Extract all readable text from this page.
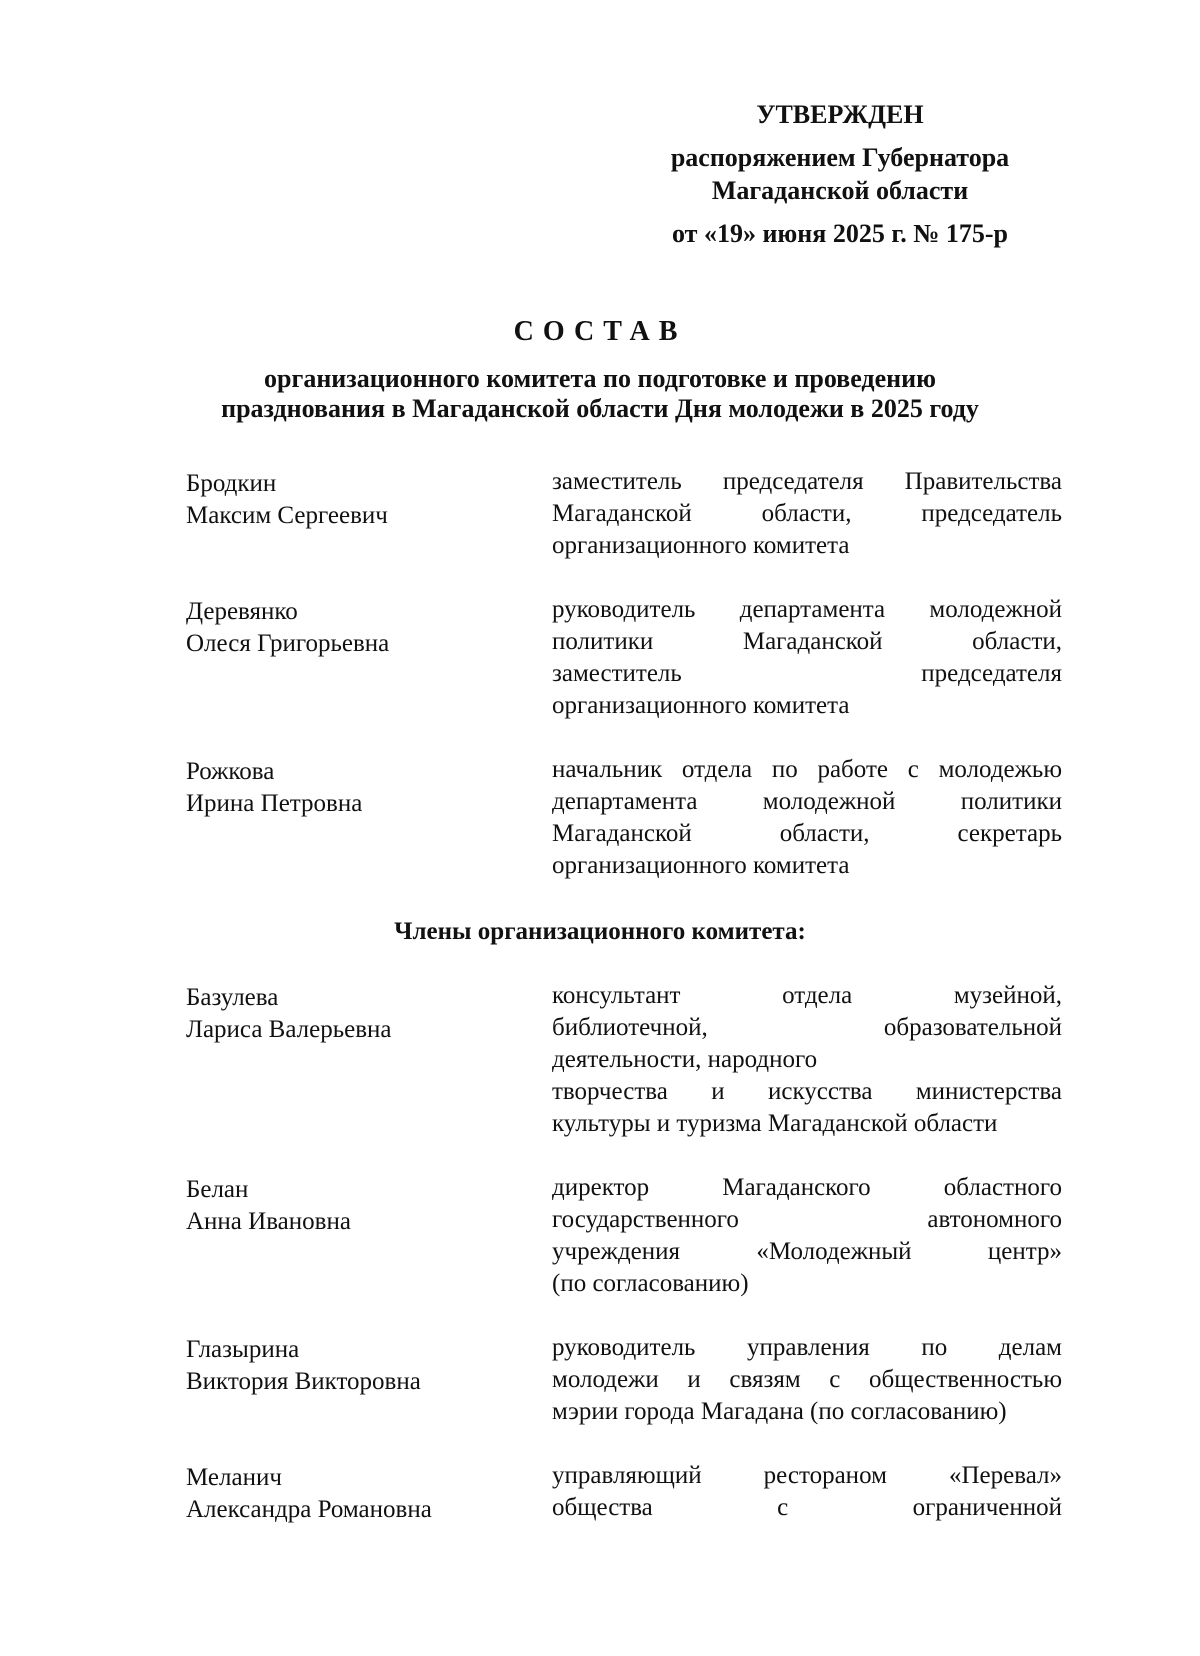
УТВЕРЖДЕН
распоряжением Губернатора
Магаданской области
от «19» июня 2025 г. № 175-р
СОСТАВ
организационного комитета по подготовке и проведению
празднования в Магаданской области Дня молодежи в 2025 году
Бродкин
Максим Сергеевич
заместитель председателя Правительства
Магаданской области, председатель
организационного комитета
Деревянко
Олеся Григорьевна
руководитель департамента молодежной
политики Магаданской области,
заместитель председателя
организационного комитета
Рожкова
Ирина Петровна
начальник отдела по работе с молодежью
департамента молодежной политики
Магаданской области, секретарь
организационного комитета
Члены организационного комитета:
Базулева
Лариса Валерьевна
консультант отдела музейной,
библиотечной, образовательной
деятельности, народного
творчества и искусства министерства
культуры и туризма Магаданской области
Белан
Анна Ивановна
директор Магаданского областного
государственного автономного
учреждения «Молодежный центр»
(по согласованию)
Глазырина
Виктория Викторовна
руководитель управления по делам
молодежи и связям с общественностью
мэрии города Магадана (по согласованию)
Меланич
Александра Романовна
управляющий рестораном «Перевал»
общества с ограниченной
